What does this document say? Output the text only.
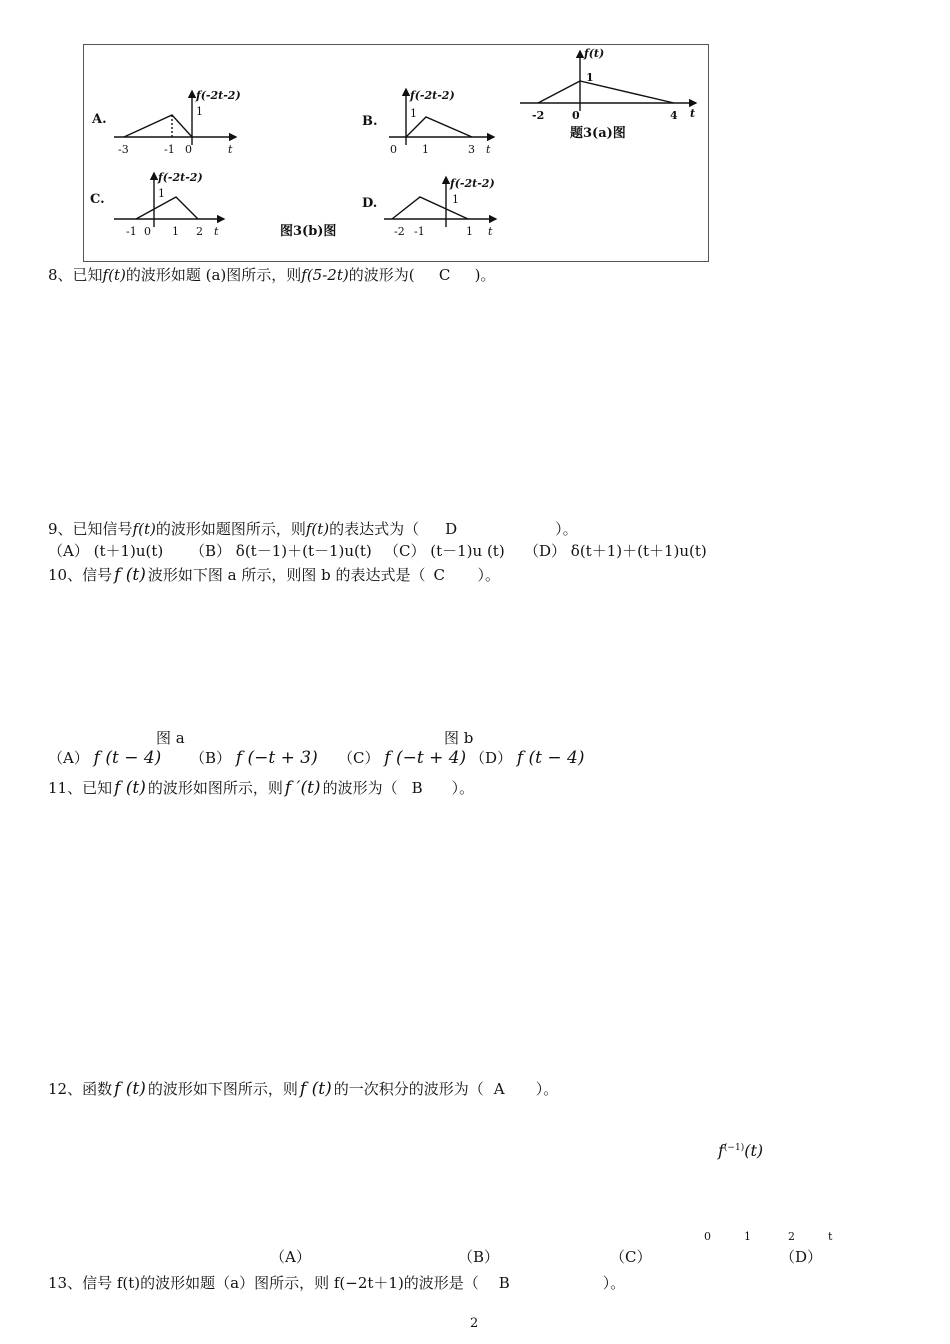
A.
f(-2t-2)
1
-3	-1 0	t
B.
f(-2t-2)
1
0 1	3 t
f(t)
1
-2	0	4 t
题3(a)图
C.
f(-2t-2)
1
-1 0 1 2 t
D.
f(-2t-2)
1
-2 -1	1 t
图3(b)图
8、已知f(t)的波形如题 (a)图所示，则f(5-2t)的波形为( C )。
9、已知信号f(t)的波形如题图所示，则f(t)的表达式为（ D	）。
（A） (t＋1)u(t) （B） δ(t－1)＋(t－1)u(t) （C） (t－1)u (t) （D） δ(t＋1)＋(t＋1)u(t)
10、信号 f (t) 波形如下图 a 所示，则图 b 的表达式是（ C ）。
图 a	图 b
（A） f (t − 4) （B） f (−t + 3) （C） f (−t + 4) （D） f (t − 4)
11、已知 f (t) 的波形如图所示，则 f ′(t) 的波形为（ B ）。
12、函数 f (t) 的波形如下图所示，则 f (t) 的一次积分的波形为（ A ）。
$f^{(-1)}(t)$
0	1	2	t
（A）	（B）	（C）	（D）
13、信号 f(t)的波形如题（a）图所示，则 f(−2t＋1)的波形是（ B	）。
2
